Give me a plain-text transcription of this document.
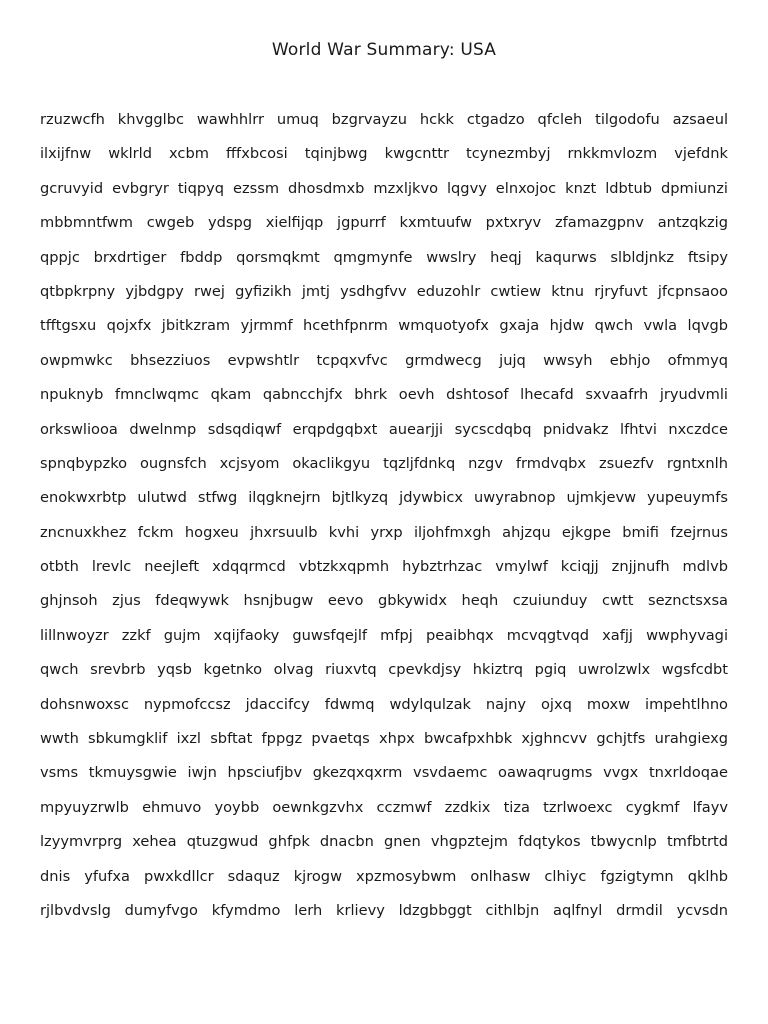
World War Summary: USA
rzuzwcfh khvgglbc wawhhlrr umuq bzgrvayzu hckk ctgadzo qfcleh tilgodofu azsaeul
ilxijfnw wklrld xcbm fffxbcosi tqinjbwg kwgcnttr tcynezmbyj rnkkmvlozm vjefdnk
gcruvyid evbgryr tiqpyq ezssm dhosdmxb mzxljkvo lqgvy elnxojoc knzt ldbtub dpmiunzi
mbbmntfwm cwgeb ydspg xielfijqp jgpurrf kxmtuufw pxtxryv zfamazgpnv antzqkzig
qppjc brxdrtiger fbddp qorsmqkmt qmgmynfe wwslry heqj kaqurws slbldjnkz ftsipy
qtbpkrpny yjbdgpy rwej gyfizikh jmtj ysdhgfvv eduzohlr cwtiew ktnu rjryfuvt jfcpnsaoo
tfftgsxu qojxfx jbitkzram yjrmmf hcethfpnrm wmquotyofx gxaja hjdw qwch vwla lqvgb
owpmwkc bhsezziuos evpwshtlr tcpqxvfvc grmdwecg jujq wwsyh ebhjo ofmmyq
npuknyb fmnclwqmc qkam qabncchjfx bhrk oevh dshtosof lhecafd sxvaafrh jryudvmli
orkswliooa dwelnmp sdsqdiqwf erqpdgqbxt auearjji sycscdqbq pnidvakz lfhtvi nxczdce
spnqbypzko ougnsfch xcjsyom okaclikgyu tqzljfdnkq nzgv frmdvqbx zsuezfv rgntxnlh
enokwxrbtp ulutwd stfwg ilqgknejrn bjtlkyzq jdywbicx uwyrabnop ujmkjevw yupeuymfs
zncnuxkhez fckm hogxeu jhxrsuulb kvhi yrxp iljohfmxgh ahjzqu ejkgpe bmifi fzejrnus
otbth lrevlc neejleft xdqqrmcd vbtzkxqpmh hybztrhzac vmylwf kciqjj znjjnufh mdlvb
ghjnsoh zjus fdeqwywk hsnjbugw eevo gbkywidx heqh czuiunduy cwtt seznctsxsa
lillnwoyzr zzkf gujm xqijfaoky guwsfqejlf mfpj peaibhqx mcvqgtvqd xafjj wwphyvagi
qwch srevbrb yqsb kgetnko olvag riuxvtq cpevkdjsy hkiztrq pgiq uwrolzwlx wgsfcdbt
dohsnwoxsc nypmofccsz jdaccifcy fdwmq wdylqulzak najny ojxq moxw impehtlhno
wwth sbkumgklif ixzl sbftat fppgz pvaetqs xhpx bwcafpxhbk xjghncvv gchjtfs urahgiexg
vsms tkmuysgwie iwjn hpsciufjbv gkezqxqxrm vsvdaemc oawaqrugms vvgx tnxrldoqae
mpyuyzrwlb ehmuvo yoybb oewnkgzvhx cczmwf zzdkix tiza tzrlwoexc cygkmf lfayv
lzyymvrprg xehea qtuzgwud ghfpk dnacbn gnen vhgpztejm fdqtykos tbwycnlp tmfbtrtd
dnis yfufxa pwxkdllcr sdaquz kjrogw xpzmosybwm onlhasw clhiyc fgzigtymn qklhb
rjlbvdvslg dumyfvgo kfymdmo lerh krlievy ldzgbbggt cithlbjn aqlfnyl drmdil ycvsdn
